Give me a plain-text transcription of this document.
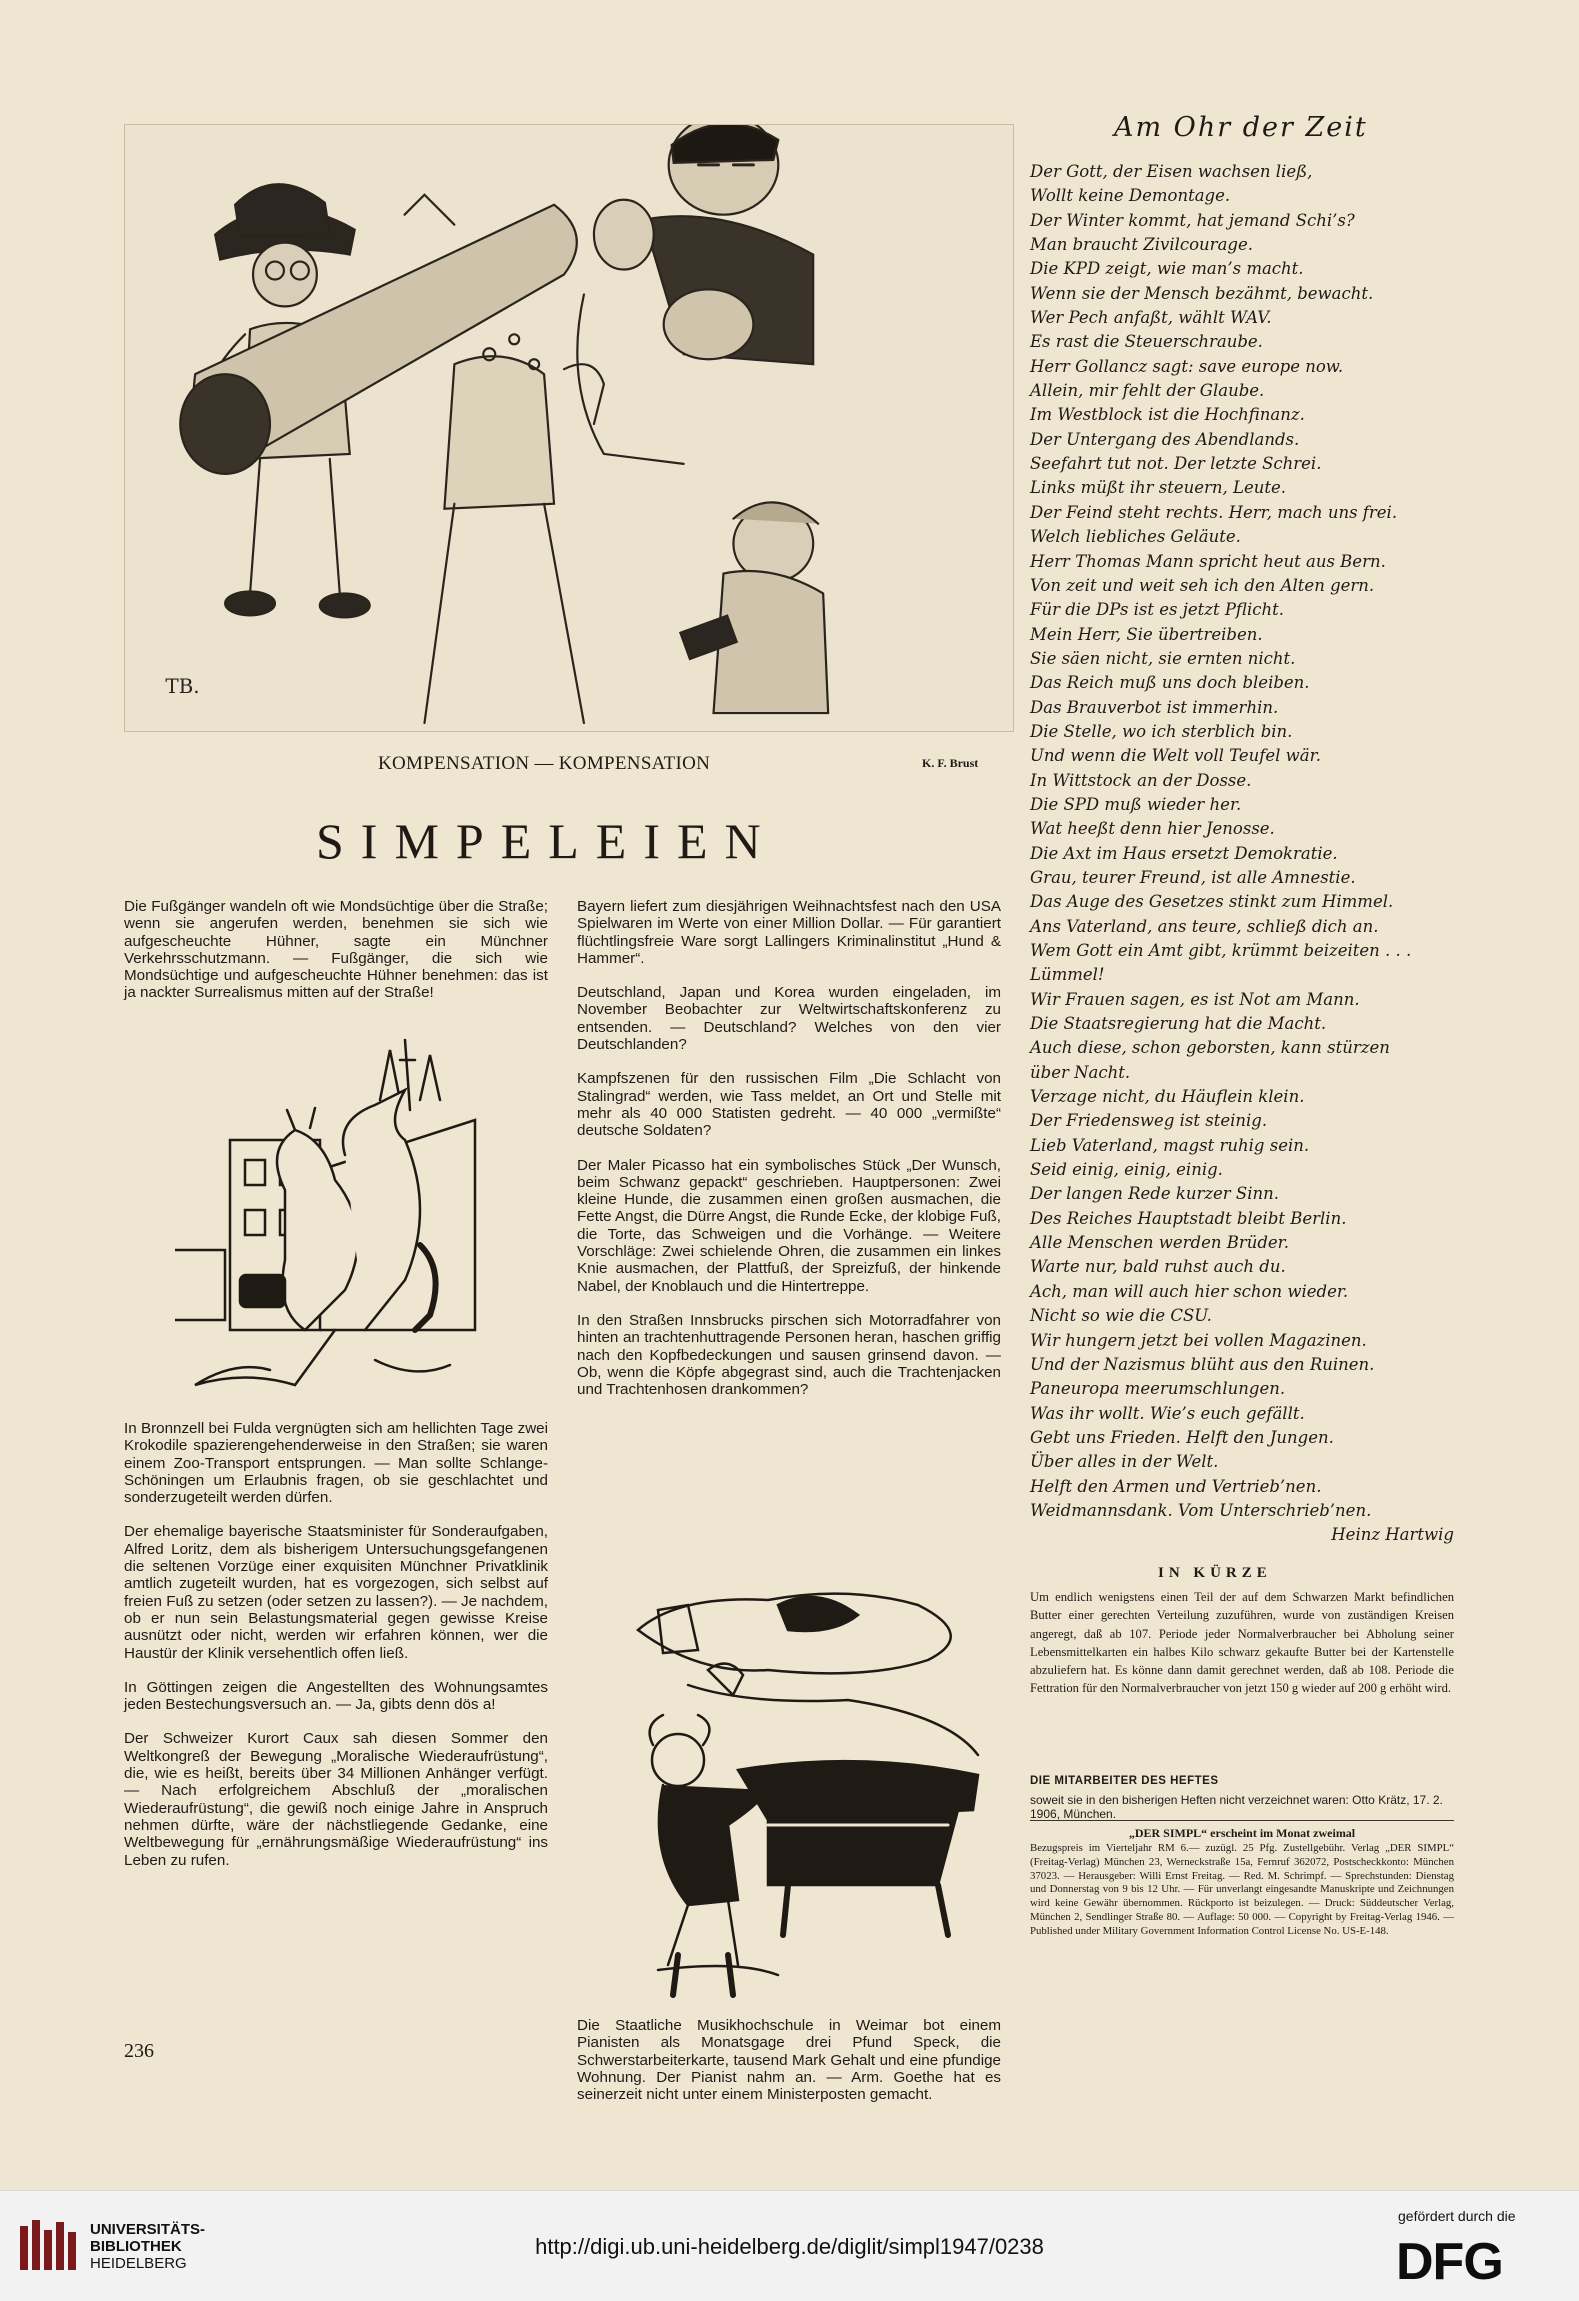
TB.
KOMPENSATION — KOMPENSATION	K. F. Brust
SIMPELEIEN

Die Fußgänger wandeln oft wie Mondsüchtige über die Straße; wenn sie angerufen werden, benehmen sie sich wie aufgescheuchte Hühner, sagte ein Münchner Verkehrsschutzmann. — Fußgänger, die sich wie Mondsüchtige und aufgescheuchte Hühner benehmen: das ist ja nackter Surrealismus mitten auf der Straße!

In Bronnzell bei Fulda vergnügten sich am hellichten Tage zwei Krokodile spazierengehenderweise in den Straßen; sie waren einem Zoo-Transport entsprungen. — Man sollte Schlange-Schöningen um Erlaubnis fragen, ob sie geschlachtet und sonderzugeteilt werden dürfen.

Der ehemalige bayerische Staatsminister für Sonderaufgaben, Alfred Loritz, dem als bisherigem Untersuchungsgefangenen die seltenen Vorzüge einer exquisiten Münchner Privatklinik amtlich zugeteilt wurden, hat es vorgezogen, sich selbst auf freien Fuß zu setzen (oder setzen zu lassen?). — Je nachdem, ob er nun sein Belastungsmaterial gegen gewisse Kreise ausnützt oder nicht, werden wir erfahren können, wer die Haustür der Klinik versehentlich offen ließ.

In Göttingen zeigen die Angestellten des Wohnungsamtes jeden Bestechungsversuch an. — Ja, gibts denn dös a!

Der Schweizer Kurort Caux sah diesen Sommer den Weltkongreß der Bewegung „Moralische Wiederaufrüstung“, die, wie es heißt, bereits über 34 Millionen Anhänger verfügt. — Nach erfolgreichem Abschluß der „moralischen Wiederaufrüstung“, die gewiß noch einige Jahre in Anspruch nehmen dürfte, wäre der nächstliegende Gedanke, eine Weltbewegung für „ernährungsmäßige Wiederaufrüstung“ ins Leben zu rufen.

Bayern liefert zum diesjährigen Weihnachtsfest nach den USA Spielwaren im Werte von einer Million Dollar. — Für garantiert flüchtlingsfreie Ware sorgt Lallingers Kriminalinstitut „Hund & Hammer“.

Deutschland, Japan und Korea wurden eingeladen, im November Beobachter zur Weltwirtschaftskonferenz zu entsenden. — Deutschland? Welches von den vier Deutschlanden?

Kampfszenen für den russischen Film „Die Schlacht von Stalingrad“ werden, wie Tass meldet, an Ort und Stelle mit mehr als 40 000 Statisten gedreht. — 40 000 „vermißte“ deutsche Soldaten?

Der Maler Picasso hat ein symbolisches Stück „Der Wunsch, beim Schwanz gepackt“ geschrieben. Hauptpersonen: Zwei kleine Hunde, die zusammen einen großen ausmachen, die Fette Angst, die Dürre Angst, die Runde Ecke, der klobige Fuß, die Torte, das Schweigen und die Vorhänge. — Weitere Vorschläge: Zwei schielende Ohren, die zusammen ein linkes Knie ausmachen, der Plattfuß, der Spreizfuß, der hinkende Nabel, der Knoblauch und die Hintertreppe.

In den Straßen Innsbrucks pirschen sich Motorradfahrer von hinten an trachtenhuttragende Personen heran, haschen griffig nach den Kopfbedeckungen und sausen grinsend davon. — Ob, wenn die Köpfe abgegrast sind, auch die Trachtenjacken und Trachtenhosen drankommen?

Die Staatliche Musikhochschule in Weimar bot einem Pianisten als Monatsgage drei Pfund Speck, die Schwerstarbeiterkarte, tausend Mark Gehalt und eine pfundige Wohnung. Der Pianist nahm an. — Arm. Goethe hat es seinerzeit nicht unter einem Ministerposten gemacht.

Am Ohr der Zeit
Der Gott, der Eisen wachsen ließ,
Wollt keine Demontage.
Der Winter kommt, hat jemand Schi’s?
Man braucht Zivilcourage.
Die KPD zeigt, wie man’s macht.
Wenn sie der Mensch bezähmt, bewacht.
Wer Pech anfaßt, wählt WAV.
Es rast die Steuerschraube.
Herr Gollancz sagt: save europe now.
Allein, mir fehlt der Glaube.
Im Westblock ist die Hochfinanz.
Der Untergang des Abendlands.
Seefahrt tut not. Der letzte Schrei.
Links müßt ihr steuern, Leute.
Der Feind steht rechts. Herr, mach uns frei.
Welch liebliches Geläute.
Herr Thomas Mann spricht heut aus Bern.
Von zeit und weit seh ich den Alten gern.
Für die DPs ist es jetzt Pflicht.
Mein Herr, Sie übertreiben.
Sie säen nicht, sie ernten nicht.
Das Reich muß uns doch bleiben.
Das Brauverbot ist immerhin.
Die Stelle, wo ich sterblich bin.
Und wenn die Welt voll Teufel wär.
In Wittstock an der Dosse.
Die SPD muß wieder her.
Wat heeßt denn hier Jenosse.
Die Axt im Haus ersetzt Demokratie.
Grau, teurer Freund, ist alle Amnestie.
Das Auge des Gesetzes stinkt zum Himmel.
Ans Vaterland, ans teure, schließ dich an.
Wem Gott ein Amt gibt, krümmt beizeiten . . .
Lümmel!
Wir Frauen sagen, es ist Not am Mann.
Die Staatsregierung hat die Macht.
Auch diese, schon geborsten, kann stürzen
über Nacht.
Verzage nicht, du Häuflein klein.
Der Friedensweg ist steinig.
Lieb Vaterland, magst ruhig sein.
Seid einig, einig, einig.
Der langen Rede kurzer Sinn.
Des Reiches Hauptstadt bleibt Berlin.
Alle Menschen werden Brüder.
Warte nur, bald ruhst auch du.
Ach, man will auch hier schon wieder.
Nicht so wie die CSU.
Wir hungern jetzt bei vollen Magazinen.
Und der Nazismus blüht aus den Ruinen.
Paneuropa meerumschlungen.
Was ihr wollt. Wie’s euch gefällt.
Gebt uns Frieden. Helft den Jungen.
Über alles in der Welt.
Helft den Armen und Vertrieb’nen.
Weidmannsdank. Vom Unterschrieb’nen.
Heinz Hartwig
IN KÜRZE
Um endlich wenigstens einen Teil der auf dem Schwarzen Markt befindlichen Butter einer gerechten Verteilung zuzuführen, wurde von zuständigen Kreisen angeregt, daß ab 107. Periode jeder Normalverbraucher bei Abholung seiner Lebensmittelkarten ein halbes Kilo schwarz gekaufte Butter bei der Kartenstelle abzuliefern hat. Es könne dann damit gerechnet werden, daß ab 108. Periode die Fettration für den Normalverbraucher von jetzt 150 g wieder auf 200 g erhöht wird.
DIE MITARBEITER DES HEFTES
soweit sie in den bisherigen Heften nicht verzeichnet waren: Otto Krätz, 17. 2. 1906, München.
„DER SIMPL“ erscheint im Monat zweimal
Bezugspreis im Vierteljahr RM 6.— zuzügl. 25 Pfg. Zustellgebühr. Verlag „DER SIMPL“ (Freitag-Verlag) München 23, Werneckstraße 15a, Fernruf 362072, Postscheckkonto: München 37023. — Herausgeber: Willi Ernst Freitag. — Red. M. Schrimpf. — Sprechstunden: Dienstag und Donnerstag von 9 bis 12 Uhr. — Für unverlangt eingesandte Manuskripte und Zeichnungen wird keine Gewähr übernommen. Rückporto ist beizulegen. — Druck: Süddeutscher Verlag, München 2, Sendlinger Straße 80. — Auflage: 50 000. — Copyright by Freitag-Verlag 1946. — Published under Military Government Information Control License No. US-E-148.
236
UNIVERSITÄTS-
BIBLIOTHEK
HEIDELBERG
http://digi.ub.uni-heidelberg.de/diglit/simpl1947/0238
gefördert durch die
DFG
